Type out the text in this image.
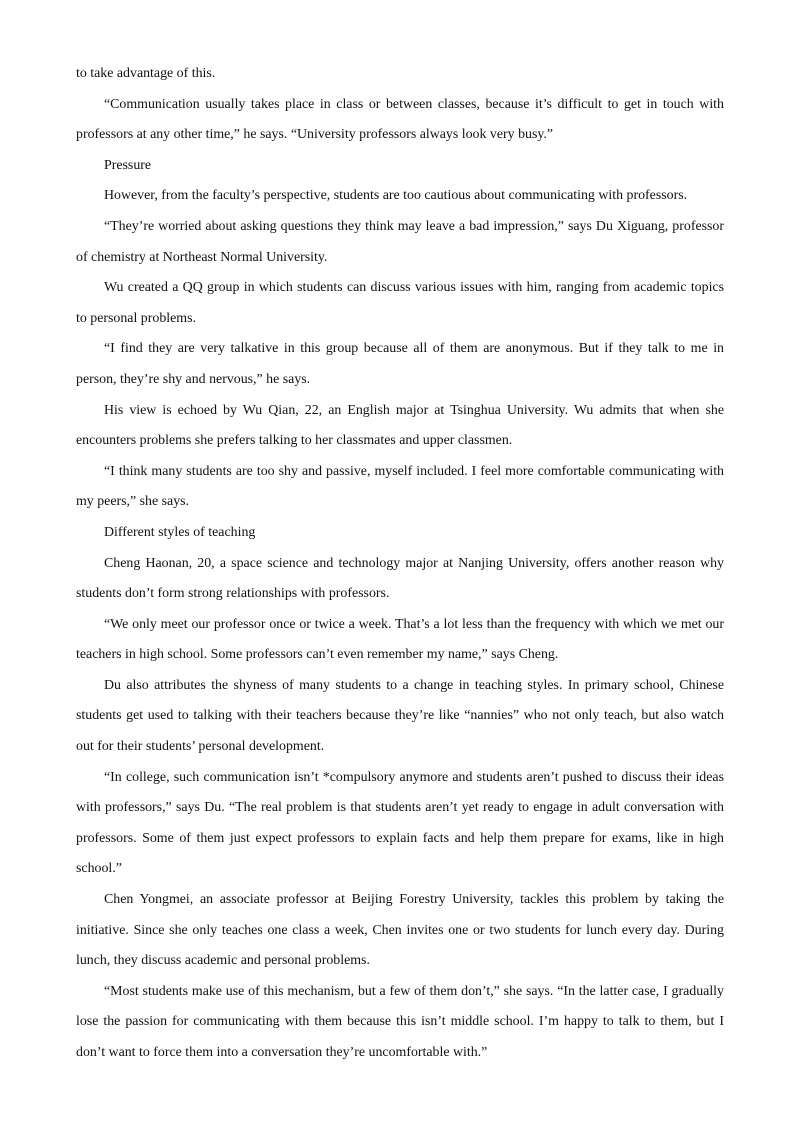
to take advantage of this.

“Communication usually takes place in class or between classes, because it’s difficult to get in touch with professors at any other time,” he says. “University professors always look very busy.”

Pressure

However, from the faculty’s perspective, students are too cautious about communicating with professors.

“They’re worried about asking questions they think may leave a bad impression,” says Du Xiguang, professor of chemistry at Northeast Normal University.

Wu created a QQ group in which students can discuss various issues with him, ranging from academic topics to personal problems.

“I find they are very talkative in this group because all of them are anonymous. But if they talk to me in person, they’re shy and nervous,” he says.

His view is echoed by Wu Qian, 22, an English major at Tsinghua University. Wu admits that when she encounters problems she prefers talking to her classmates and upper classmen.

“I think many students are too shy and passive, myself included. I feel more comfortable communicating with my peers,” she says.

Different styles of teaching

Cheng Haonan, 20, a space science and technology major at Nanjing University, offers another reason why students don’t form strong relationships with professors.

“We only meet our professor once or twice a week. That’s a lot less than the frequency with which we met our teachers in high school. Some professors can’t even remember my name,” says Cheng.

Du also attributes the shyness of many students to a change in teaching styles. In primary school, Chinese students get used to talking with their teachers because they’re like “nannies” who not only teach, but also watch out for their students’ personal development.

“In college, such communication isn’t *compulsory anymore and students aren’t pushed to discuss their ideas with professors,” says Du. “The real problem is that students aren’t yet ready to engage in adult conversation with professors. Some of them just expect professors to explain facts and help them prepare for exams, like in high school.”

Chen Yongmei, an associate professor at Beijing Forestry University, tackles this problem by taking the initiative. Since she only teaches one class a week, Chen invites one or two students for lunch every day. During lunch, they discuss academic and personal problems.

“Most students make use of this mechanism, but a few of them don’t,” she says. “In the latter case, I gradually lose the passion for communicating with them because this isn’t middle school. I’m happy to talk to them, but I don’t want to force them into a conversation they’re uncomfortable with.”
